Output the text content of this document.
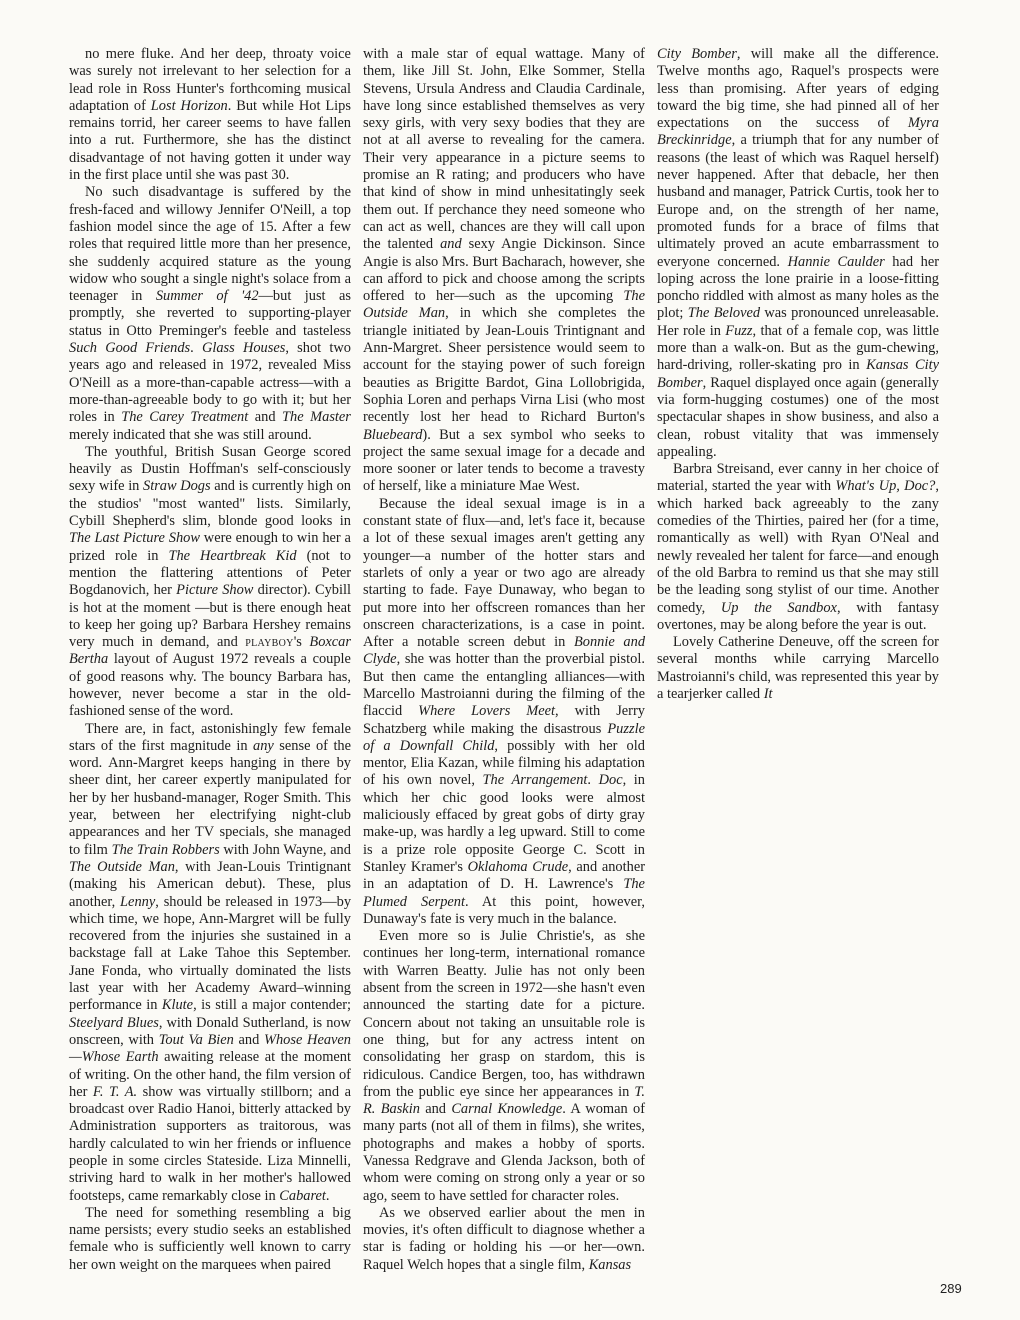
no mere fluke. And her deep, throaty voice was surely not irrelevant to her selection for a lead role in Ross Hunter's forthcoming musical adaptation of Lost Horizon. But while Hot Lips remains torrid, her career seems to have fallen into a rut. Furthermore, she has the distinct disadvantage of not having gotten it under way in the first place until she was past 30.

No such disadvantage is suffered by the fresh-faced and willowy Jennifer O'Neill, a top fashion model since the age of 15. After a few roles that required little more than her presence, she suddenly acquired stature as the young widow who sought a single night's solace from a teenager in Summer of '42—but just as promptly, she reverted to supporting-player status in Otto Preminger's feeble and tasteless Such Good Friends. Glass Houses, shot two years ago and released in 1972, revealed Miss O'Neill as a more-than-capable actress—with a more-than-agreeable body to go with it; but her roles in The Carey Treatment and The Master merely indicated that she was still around.

The youthful, British Susan George scored heavily as Dustin Hoffman's self-consciously sexy wife in Straw Dogs and is currently high on the studios' "most wanted" lists. Similarly, Cybill Shepherd's slim, blonde good looks in The Last Picture Show were enough to win her a prized role in The Heartbreak Kid (not to mention the flattering attentions of Peter Bogdanovich, her Picture Show director). Cybill is hot at the moment —but is there enough heat to keep her going up? Barbara Hershey remains very much in demand, and playboy's Boxcar Bertha layout of August 1972 reveals a couple of good reasons why. The bouncy Barbara has, however, never become a star in the old-fashioned sense of the word.

There are, in fact, astonishingly few female stars of the first magnitude in any sense of the word. Ann-Margret keeps hanging in there by sheer dint, her career expertly manipulated for her by her husband-manager, Roger Smith. This year, between her electrifying night-club appearances and her TV specials, she managed to film The Train Robbers with John Wayne, and The Outside Man, with Jean-Louis Trintignant (making his American debut). These, plus another, Lenny, should be released in 1973—by which time, we hope, Ann-Margret will be fully recovered from the injuries she sustained in a backstage fall at Lake Tahoe this September. Jane Fonda, who virtually dominated the lists last year with her Academy Award–winning performance in Klute, is still a major contender; Steelyard Blues, with Donald Sutherland, is now onscreen, with Tout Va Bien and Whose Heaven—Whose Earth awaiting release at the moment of writing. On the other hand, the film version of her F. T. A. show was virtually stillborn; and a broadcast over Radio Hanoi, bitterly attacked by Administration supporters as traitorous, was hardly calculated to win her friends or influence people in some circles Stateside. Liza Minnelli, striving hard to walk in her mother's hallowed footsteps, came remarkably close in Cabaret.

The need for something resembling a big name persists; every studio seeks an established female who is sufficiently well known to carry her own weight on the marquees when paired

with a male star of equal wattage. Many of them, like Jill St. John, Elke Sommer, Stella Stevens, Ursula Andress and Claudia Cardinale, have long since established themselves as very sexy girls, with very sexy bodies that they are not at all averse to revealing for the camera. Their very appearance in a picture seems to promise an R rating; and producers who have that kind of show in mind unhesitatingly seek them out. If perchance they need someone who can act as well, chances are they will call upon the talented and sexy Angie Dickinson. Since Angie is also Mrs. Burt Bacharach, however, she can afford to pick and choose among the scripts offered to her—such as the upcoming The Outside Man, in which she completes the triangle initiated by Jean-Louis Trintignant and Ann-Margret. Sheer persistence would seem to account for the staying power of such foreign beauties as Brigitte Bardot, Gina Lollobrigida, Sophia Loren and perhaps Virna Lisi (who most recently lost her head to Richard Burton's Bluebeard). But a sex symbol who seeks to project the same sexual image for a decade and more sooner or later tends to become a travesty of herself, like a miniature Mae West.

Because the ideal sexual image is in a constant state of flux—and, let's face it, because a lot of these sexual images aren't getting any younger—a number of the hotter stars and starlets of only a year or two ago are already starting to fade. Faye Dunaway, who began to put more into her offscreen romances than her onscreen characterizations, is a case in point. After a notable screen debut in Bonnie and Clyde, she was hotter than the proverbial pistol. But then came the entangling alliances—with Marcello Mastroianni during the filming of the flaccid Where Lovers Meet, with Jerry Schatzberg while making the disastrous Puzzle of a Downfall Child, possibly with her old mentor, Elia Kazan, while filming his adaptation of his own novel, The Arrangement. Doc, in which her chic good looks were almost maliciously effaced by great gobs of dirty gray make-up, was hardly a leg upward. Still to come is a prize role opposite George C. Scott in Stanley Kramer's Oklahoma Crude, and another in an adaptation of D. H. Lawrence's The Plumed Serpent. At this point, however, Dunaway's fate is very much in the balance.

Even more so is Julie Christie's, as she continues her long-term, international romance with Warren Beatty. Julie has not only been absent from the screen in 1972—she hasn't even announced the starting date for a picture. Concern about not taking an unsuitable role is one thing, but for any actress intent on consolidating her grasp on stardom, this is ridiculous. Candice Bergen, too, has withdrawn from the public eye since her appearances in T. R. Baskin and Carnal Knowledge. A woman of many parts (not all of them in films), she writes, photographs and makes a hobby of sports. Vanessa Redgrave and Glenda Jackson, both of whom were coming on strong only a year or so ago, seem to have settled for character roles.

As we observed earlier about the men in movies, it's often difficult to diagnose whether a star is fading or holding his —or her—own. Raquel Welch hopes that a single film, Kansas

City Bomber, will make all the difference. Twelve months ago, Raquel's prospects were less than promising. After years of edging toward the big time, she had pinned all of her expectations on the success of Myra Breckinridge, a triumph that for any number of reasons (the least of which was Raquel herself) never happened. After that debacle, her then husband and manager, Patrick Curtis, took her to Europe and, on the strength of her name, promoted funds for a brace of films that ultimately proved an acute embarrassment to everyone concerned. Hannie Caulder had her loping across the lone prairie in a loose-fitting poncho riddled with almost as many holes as the plot; The Beloved was pronounced unreleasable. Her role in Fuzz, that of a female cop, was little more than a walk-on. But as the gum-chewing, hard-driving, roller-skating pro in Kansas City Bomber, Raquel displayed once again (generally via form-hugging costumes) one of the most spectacular shapes in show business, and also a clean, robust vitality that was immensely appealing.

Barbra Streisand, ever canny in her choice of material, started the year with What's Up, Doc?, which harked back agreeably to the zany comedies of the Thirties, paired her (for a time, romantically as well) with Ryan O'Neal and newly revealed her talent for farce—and enough of the old Barbra to remind us that she may still be the leading song stylist of our time. Another comedy, Up the Sandbox, with fantasy overtones, may be along before the year is out.

Lovely Catherine Deneuve, off the screen for several months while carrying Marcello Mastroianni's child, was represented this year by a tearjerker called It

289
